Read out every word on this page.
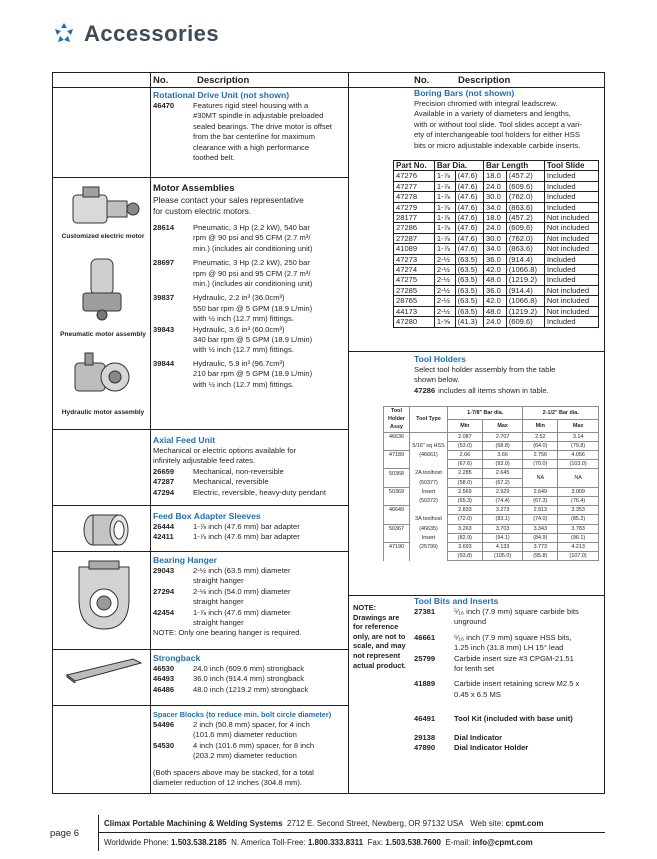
Accessories
No.	Description	No.	Description
Rotational Drive Unit (not shown)
46470	Features rigid steel housing with a
#30MT spindle in adjustable preloaded
sealed bearings. The drive motor is offset
from the bar centerline for maximum
clearance with a high performance
toothed belt.
Customized electric motor
Pneumatic motor assembly
Hydraulic motor assembly
Motor Assemblies
Please contact your sales representative
for custom electric motors.
28614	Pneumatic, 3 Hp (2.2 kW), 540 bar
rpm @ 90 psi and 95 CFM (2.7 m³/
min.) (includes air conditioning unit)
28697	Pneumatic, 3 Hp (2.2 kW), 250 bar
rpm @ 90 psi and 95 CFM (2.7 m³/
min.) (includes air conditioning unit)
39837	Hydraulic, 2.2 in³ (36.0cm³)
550 bar rpm @ 5 GPM (18.9 L/min)
with ½ inch (12.7 mm) fittings.
39843	Hydraulic, 3.6 in³ (60.0cm³)
340 bar rpm @ 5 GPM (18.9 L/min)
with ½ inch (12.7 mm) fittings.
39844	Hydraulic, 5.9 in³ (96.7cm³)
210 bar rpm @ 5 GPM (18.9 L/min)
with ½ inch (12.7 mm) fittings.
Axial Feed Unit
Mechanical or electric options available for
infinitely adjustable feed rates.
26659	Mechanical, non-reversible
47287	Mechanical, reversible
47294	Electric, reversible, heavy-duty pendant
Feed Box Adapter Sleeves
26444	1-⅞ inch (47.6 mm) bar adapter
42411	1-⅞ inch (47.6 mm) bar adapter
Bearing Hanger
29043	2-½ inch (63.5 mm) diameter
straight hanger
27294	2-⅛ inch (54.0 mm) diameter
straight hanger
42454	1-⅞ inch (47.6 mm) diameter
straight hanger
NOTE: Only one bearing hanger is required.
Strongback
46530	24.0 inch (609.6 mm) strongback
46493	36.0 inch (914.4 mm) strongback
46486	48.0 inch (1219.2 mm) strongback
Spacer Blocks (to reduce min. bolt circle diameter)
54496	2 inch (50.8 mm) spacer, for 4 inch
(101.6 mm) diameter reduction
54530	4 inch (101.6 mm) spacer, for 8 inch
(203.2 mm) diameter reduction
(Both spacers above may be stacked, for a total
diameter reduction of 12 inches (304.8 mm).
Boring Bars (not shown)
Precision chromed with integral leadscrew.
Available in a variety of diameters and lengths,
with or without tool slide. Tool slides accept a vari-
ety of interchangeable tool holders for either HSS
bits or micro adjustable indexable carbide inserts.
Part No.	Bar Dia.		Bar Length		Tool Slide
47276	1-⅞	(47.6)	18.0	(457.2)	Included
47277	1-⅞	(47.6)	24.0	(609.6)	Included
47278	1-⅞	(47.6)	30.0	(762.0)	Included
47279	1-⅞	(47.6)	34.0	(863.6)	Included
28177	1-⅞	(47.6)	18.0	(457.2)	Not included
27286	1-⅞	(47.6)	24.0	(609.6)	Not included
27287	1-⅞	(47.6)	30.0	(762.0)	Not included
41089	1-⅞	(47.6)	34.0	(863.6)	Not included
47273	2-½	(63.5)	36.0	(914.4)	Included
47274	2-½	(63.5)	42.0	(1066.8)	Included
47275	2-½	(63.5)	48.0	(1219.2)	Included
27285	2-½	(63.5)	36.0	(914.4)	Not included
28765	2-½	(63.5)	42.0	(1066.8)	Not included
44173	2-½	(63.5)	48.0	(1219.2)	Not included
47280	1-⅝	(41.3)	24.0	(609.6)	Included
Tool Holders
Select tool holder assembly from the table
shown below.
47286 includes all items shown in table.
Tool Holder Assy	Tool Type	1-7/8" Bar dia.		2-1/2" Bar dia.	
		Min	Max	Min	Max
46636		2.087	2.707	2.52	3.14
	5/16" sq HSS	(53.0)	(68.8)	(64.0)	(79.8)
47189	(46661)	2.66	3.66	2.756	4.056
		(67.6)	(93.0)	(70.0)	(103.0)
50368	2A toolhost	2.285	2.645	NA	NA
	(50377)	(58.0)	(67.2)		
50369	Insert	2.569	2.929	2.649	3.009
	(50372)	(65.3)	(74.4)	(67.3)	(76.4)
46649		2.833	3.273	2.913	3.353
	3A toolhost	(72.0)	(83.1)	(74.0)	(85.2)
50367	(46635)	3.263	3.703	3.343	3.783
	Insert	(82.9)	(94.1)	(84.9)	(96.1)
47190	(25799)	3.693	4.133	3.773	4.213
		(93.8)	(105.0)	(95.8)	(107.0)
NOTE:
Drawings are
for reference
only, are not to
scale, and may
not represent
actual product.
Tool Bits and Inserts
27381	⁵⁄₁₆ inch (7.9 mm) square carbide bits
unground
46661	⁵⁄₁₆ inch (7.9 mm) square HSS bits,
1.25 inch (31.8 mm) LH 15° lead
25799	Carbide insert size #3 CPGM-21.51
for tenth set
41889	Carbide insert retaining screw M2.5 x
0.45 x 6.5 MS
46491	Tool Kit (included with base unit)
29138	Dial Indicator
47890	Dial Indicator Holder
page 6
Climax Portable Machining & Welding Systems 2712 E. Second Street, Newberg, OR 97132 USA Web site: cpmt.com
Worldwide Phone: 1.503.538.2185 N. America Toll-Free: 1.800.333.8311 Fax: 1.503.538.7600 E-mail: info@cpmt.com
